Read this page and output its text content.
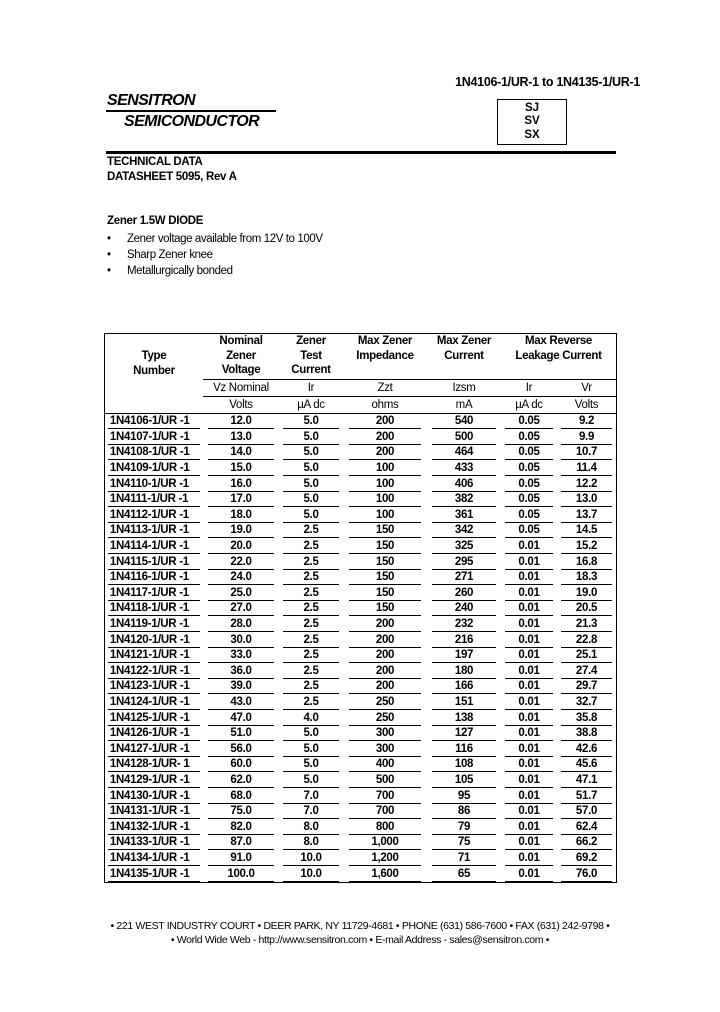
1N4106-1/UR-1 to 1N4135-1/UR-1
SJ
SV
SX
SENSITRON
SEMICONDUCTOR
TECHNICAL DATA
DATASHEET 5095, Rev A
Zener 1.5W DIODE
• Zener voltage available from 12V to 100V
• Sharp Zener knee
• Metallurgically bonded
Type
Number

Nominal
Zener
Voltage

Zener
Test
Current

Max Zener
Impedance

Max Zener
Current

Max Reverse
Leakage Current

	Vz Nominal	Ir	Zzt	Izsm	Ir	Vr
	Volts	µA dc	ohms	mA	µA dc	Volts
1N4106-1/UR -1	12.0	5.0	200	540	0.05	9.2
1N4107-1/UR -1	13.0	5.0	200	500	0.05	9.9
1N4108-1/UR -1	14.0	5.0	200	464	0.05	10.7
1N4109-1/UR -1	15.0	5.0	100	433	0.05	11.4
1N4110-1/UR -1	16.0	5.0	100	406	0.05	12.2
1N4111-1/UR -1	17.0	5.0	100	382	0.05	13.0
1N4112-1/UR -1	18.0	5.0	100	361	0.05	13.7
1N4113-1/UR -1	19.0	2.5	150	342	0.05	14.5
1N4114-1/UR -1	20.0	2.5	150	325	0.01	15.2
1N4115-1/UR -1	22.0	2.5	150	295	0.01	16.8
1N4116-1/UR -1	24.0	2.5	150	271	0.01	18.3
1N4117-1/UR -1	25.0	2.5	150	260	0.01	19.0
1N4118-1/UR -1	27.0	2.5	150	240	0.01	20.5
1N4119-1/UR -1	28.0	2.5	200	232	0.01	21.3
1N4120-1/UR -1	30.0	2.5	200	216	0.01	22.8
1N4121-1/UR -1	33.0	2.5	200	197	0.01	25.1
1N4122-1/UR -1	36.0	2.5	200	180	0.01	27.4
1N4123-1/UR -1	39.0	2.5	200	166	0.01	29.7
1N4124-1/UR -1	43.0	2.5	250	151	0.01	32.7
1N4125-1/UR -1	47.0	4.0	250	138	0.01	35.8
1N4126-1/UR -1	51.0	5.0	300	127	0.01	38.8
1N4127-1/UR -1	56.0	5.0	300	116	0.01	42.6
1N4128-1/UR- 1	60.0	5.0	400	108	0.01	45.6
1N4129-1/UR -1	62.0	5.0	500	105	0.01	47.1
1N4130-1/UR -1	68.0	7.0	700	95	0.01	51.7
1N4131-1/UR -1	75.0	7.0	700	86	0.01	57.0
1N4132-1/UR -1	82.0	8.0	800	79	0.01	62.4
1N4133-1/UR -1	87.0	8.0	1,000	75	0.01	66.2
1N4134-1/UR -1	91.0	10.0	1,200	71	0.01	69.2
1N4135-1/UR -1	100.0	10.0	1,600	65	0.01	76.0
• 221 WEST INDUSTRY COURT • DEER PARK, NY 11729-4681 • PHONE (631) 586-7600 • FAX (631) 242-9798 •
• World Wide Web - http://www.sensitron.com • E-mail Address - sales@sensitron.com •
